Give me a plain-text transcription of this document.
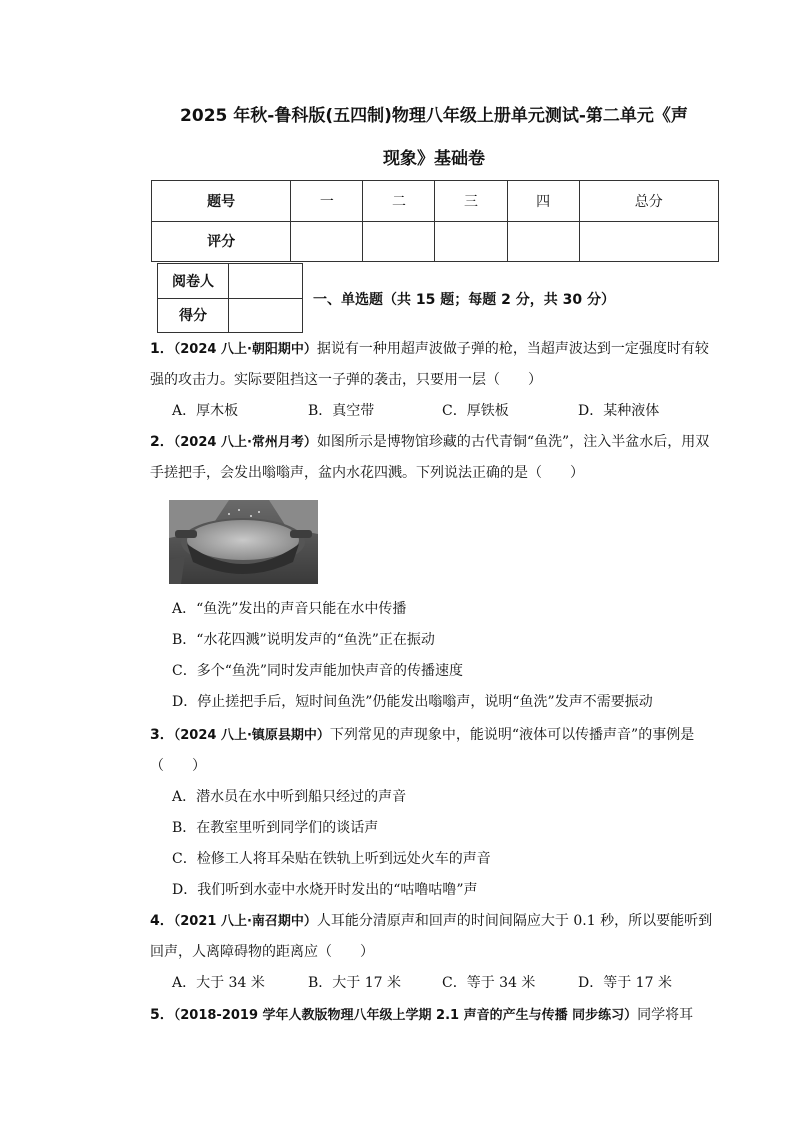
2025 年秋-鲁科版(五四制)物理八年级上册单元测试-第二单元《声
现象》基础卷
题号	一	二	三	四	总分
评分					
阅卷人	
得分	
一、单选题（共 15 题；每题 2 分，共 30 分）
1．（2024 八上·朝阳期中）据说有一种用超声波做子弹的枪，当超声波达到一定强度时有较强的攻击力。实际要阻挡这一子弹的袭击，只要用一层（　　）
A．厚木板	B．真空带	C．厚铁板	D．某种液体
2．（2024 八上·常州月考）如图所示是博物馆珍藏的古代青铜“鱼洗”，注入半盆水后，用双手搓把手，会发出嗡嗡声，盆内水花四溅。下列说法正确的是（　　）
A．“鱼洗”发出的声音只能在水中传播
B．“水花四溅”说明发声的“鱼洗”正在振动
C．多个“鱼洗”同时发声能加快声音的传播速度
D．停止搓把手后，短时间鱼洗”仍能发出嗡嗡声，说明“鱼洗”发声不需要振动
3．（2024 八上·镇原县期中）下列常见的声现象中，能说明“液体可以传播声音”的事例是（　　）
A．潜水员在水中听到船只经过的声音
B．在教室里听到同学们的谈话声
C．检修工人将耳朵贴在铁轨上听到远处火车的声音
D．我们听到水壶中水烧开时发出的“咕噜咕噜”声
4．（2021 八上·南召期中）人耳能分清原声和回声的时间间隔应大于 0.1 秒，所以要能听到回声，人离障碍物的距离应（　　）
A．大于 34 米	B．大于 17 米	C．等于 34 米	D．等于 17 米
5．（2018-2019 学年人教版物理八年级上学期 2.1 声音的产生与传播 同步练习）同学将耳
